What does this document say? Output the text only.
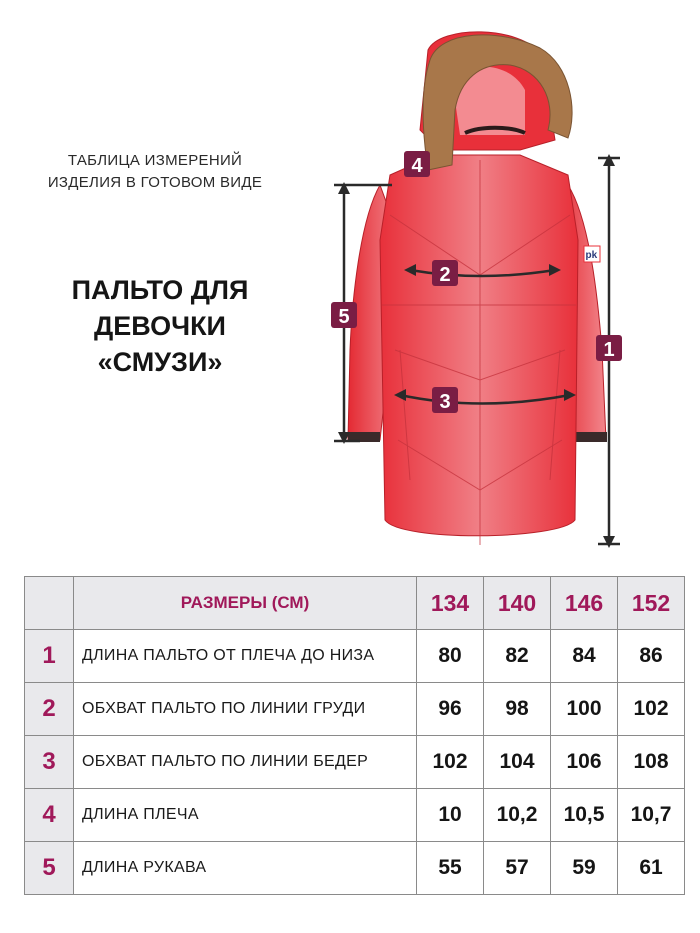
ТАБЛИЦА ИЗМЕРЕНИЙ
ИЗДЕЛИЯ В ГОТОВОМ ВИДЕ
ПАЛЬТО ДЛЯ
ДЕВОЧКИ
«СМУЗИ»
pk
1
2
3
4
5
	РАЗМЕРЫ (СМ)	134	140	146	152
1	ДЛИНА ПАЛЬТО ОТ ПЛЕЧА ДО НИЗА	80	82	84	86
2	ОБХВАТ ПАЛЬТО ПО ЛИНИИ ГРУДИ	96	98	100	102
3	ОБХВАТ ПАЛЬТО ПО ЛИНИИ БЕДЕР	102	104	106	108
4	ДЛИНА ПЛЕЧА	10	10,2	10,5	10,7
5	ДЛИНА РУКАВА	55	57	59	61
